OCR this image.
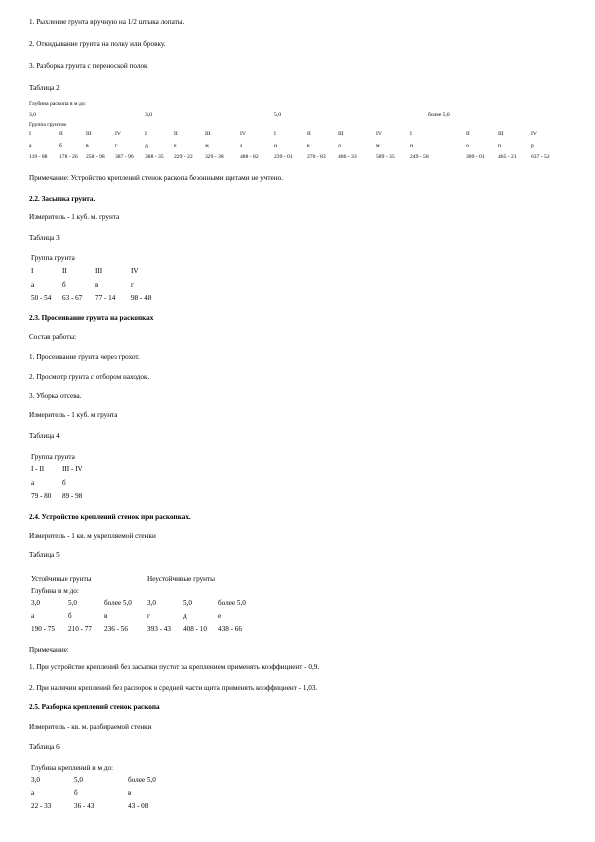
1. Рыхление грунта вручную на 1/2 штыка лопаты.
2. Откидывание грунта на полку или бровку.
3. Разборка грунта с переноской полок
Таблица 2
Глубина раскопа в м до:
3,0	3,0	5,0	более 5,0
Группа грунтов
I	II	III	IV	I	II	III	IV	I	II	III	IV	I	II	III	IV
а	б	в	г	д	е	ж	з	и	к	л	м	н	о	п	р
119 - 88 178 - 26 258 - 98 387 - 96 388 - 35 229 - 22 329 - 38	488 - 82	239 - 01	270 - 83 406 - 33	589 - 35	249 - 58	309 - 01 465 - 21	637 - 52
Примечание: Устройство креплений стенок раскопа безонными щитами не учтено.
2.2. Засыпка грунта.
Измеритель - 1 куб. м. грунта
Таблица 3
Группа грунта
I	II	III	IV
а	б	в	г
50 - 54 63 - 67 77 - 14 98 - 48
2.3. Просеивание грунта на раскопках
Состав работы:
1. Просеивание грунта через грохот.
2. Просмотр грунта с отбором находок.
3. Уборка отсева.
Измеритель - 1 куб. м грунта
Таблица 4
Группа грунта
I - II III - IV
а	б
79 - 80 89 - 98
2.4. Устройство креплений стенок при раскопках.
Измеритель - 1 кв. м укрепляемой стенки
Таблица 5
Устойчивые грунты	Неустойчивые грунты
Глубина в м до:
3,0	5,0	более 5,0 3,0	5,0	более 5,0
а	б	в	г	д	е
190 - 75 210 - 77 236 - 56	393 - 43 408 - 10 438 - 66
Примечание:
1. При устройстве креплений без засыпки пустот за креплением применять коэффициент - 0,9.
2. При наличии креплений без распорок в средней части щита применять коэффициент - 1,03.
2.5. Разборка креплений стенок раскопа
Измеритель - кв. м. разбираемой стенки
Таблица 6
Глубина креплений в м до:
3,0	5,0	более 5,0
а	б	в
22 - 33	36 - 43	43 - 08
